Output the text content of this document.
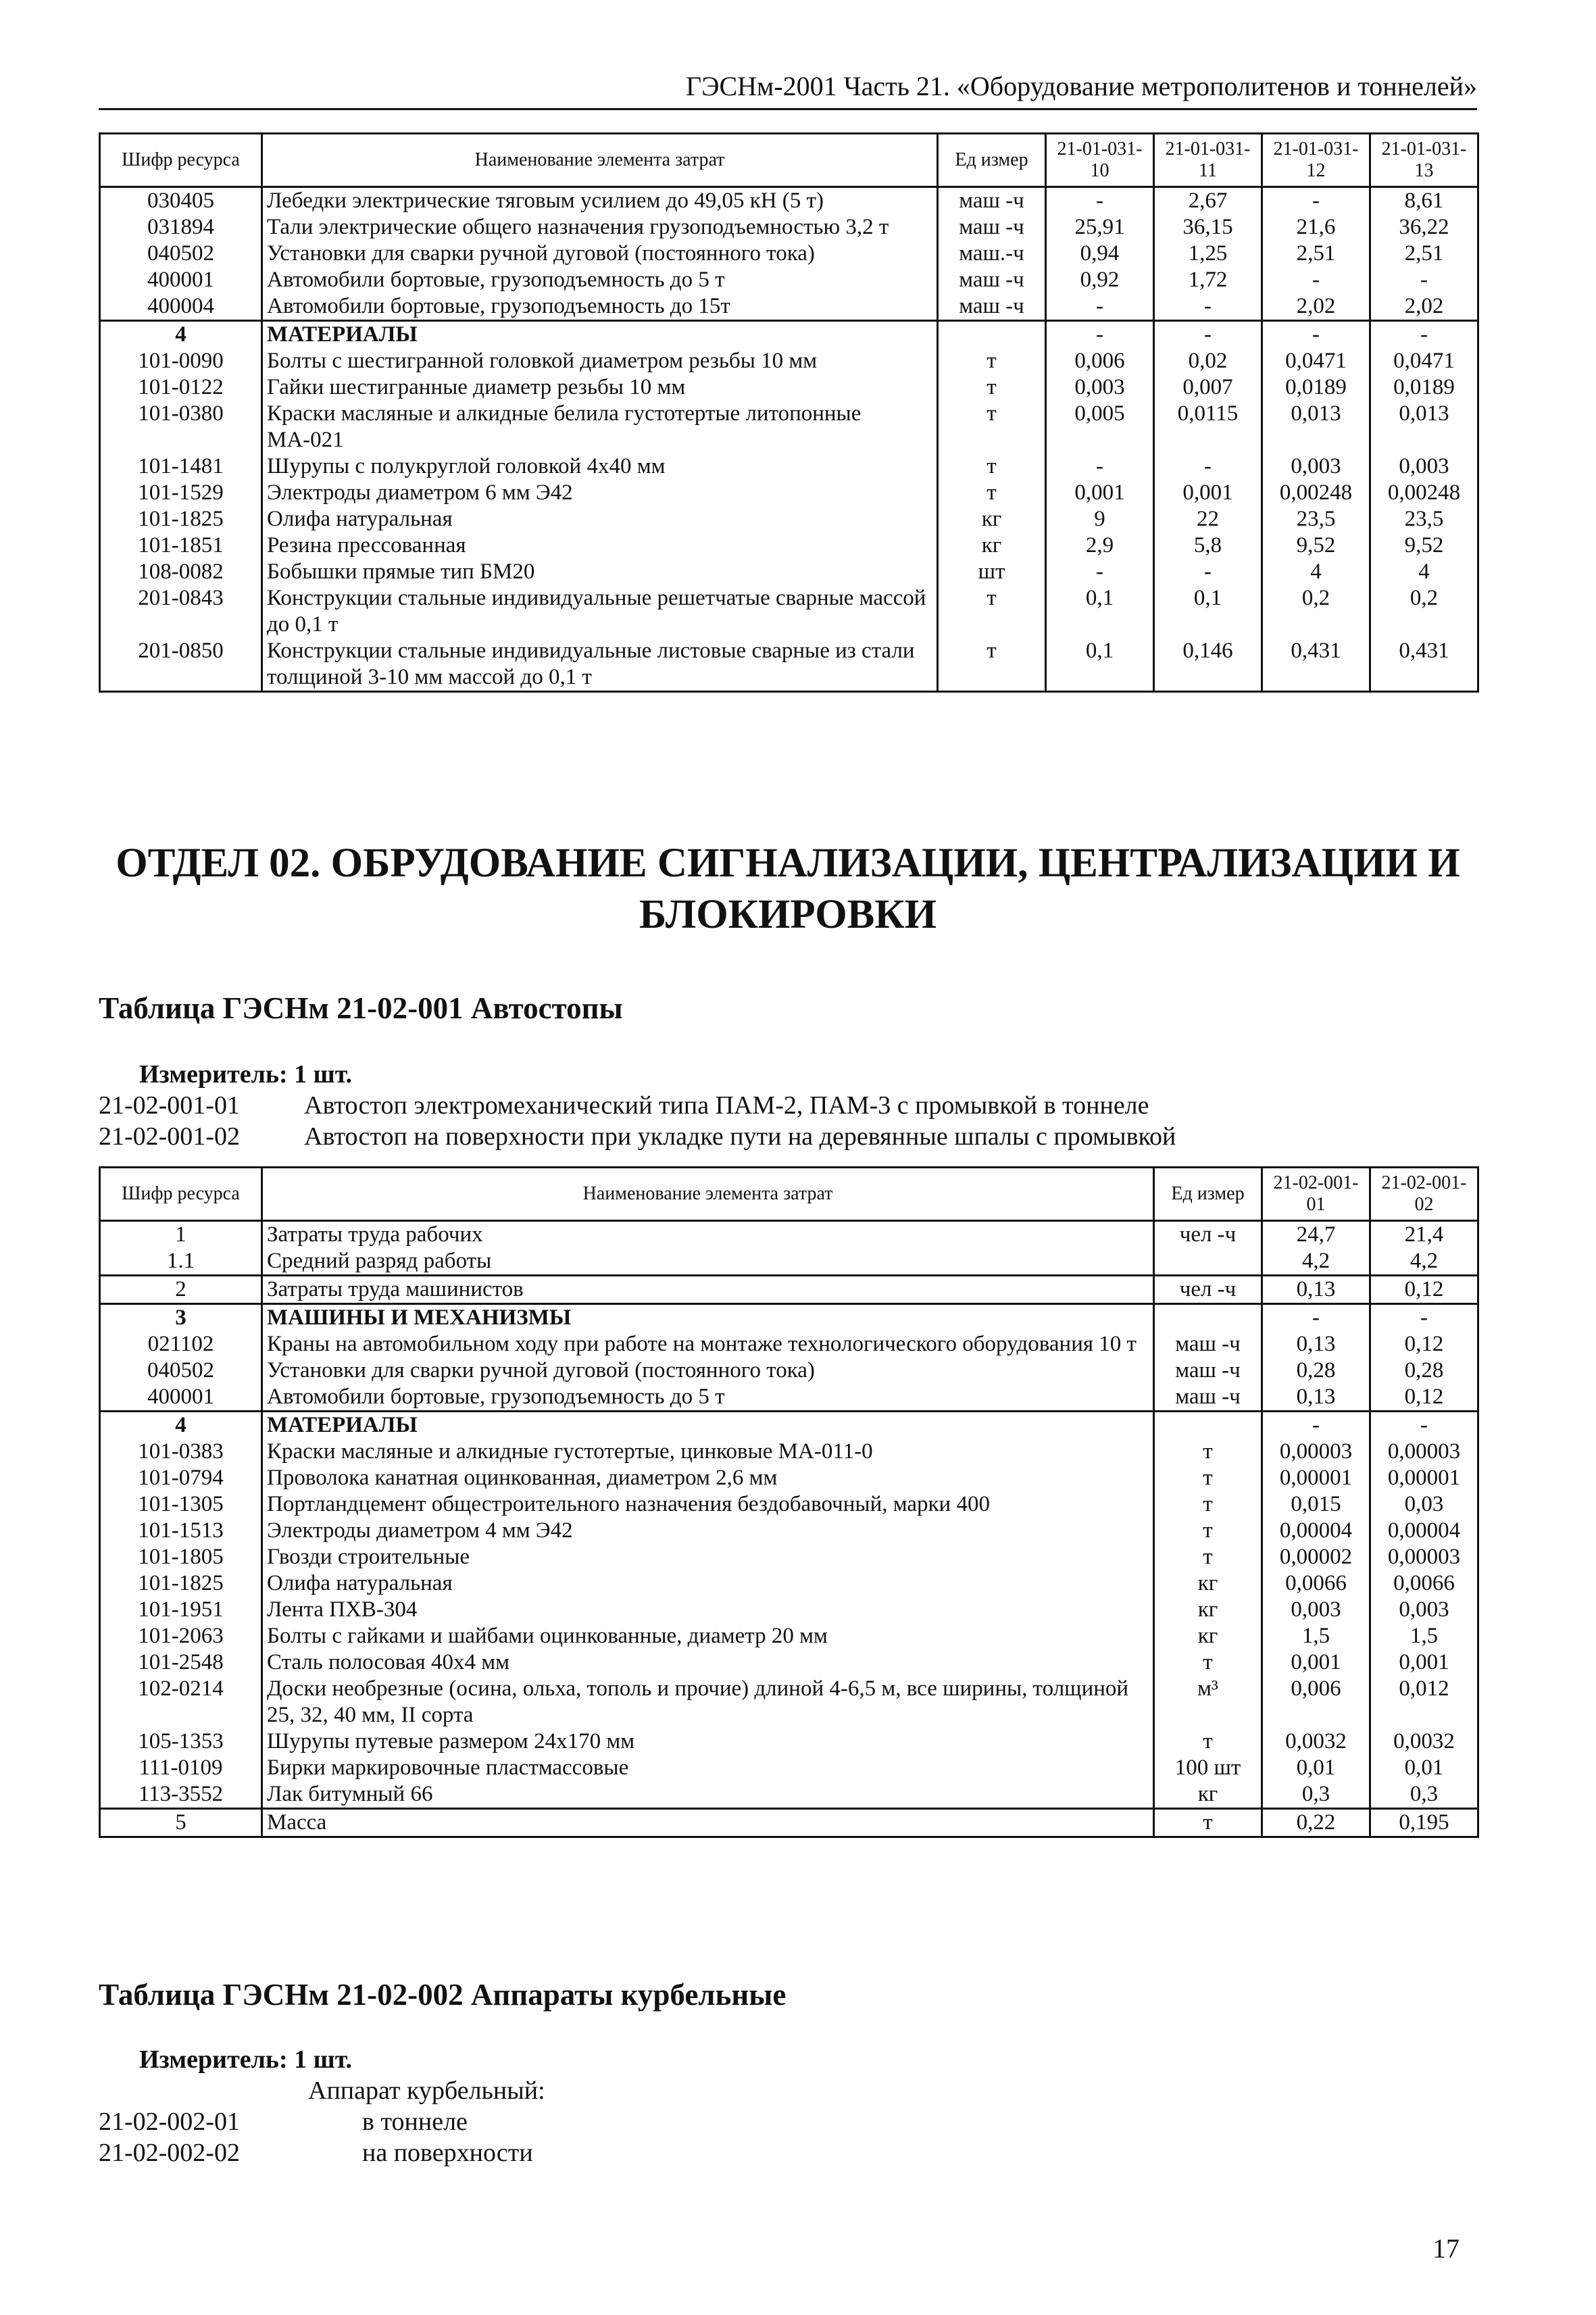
ГЭСНм-2001 Часть 21. «Оборудование метрополитенов и тоннелей»
Шифр ресурса	Наименование элемента затрат	Ед измер	21-01-031-10	21-01-031-11	21-01-031-12	21-01-031-13
030405	Лебедки электрические тяговым усилием до 49,05 кН (5 т)	маш -ч	-	2,67	-	8,61
031894	Тали электрические общего назначения грузоподъемностью 3,2 т	маш -ч	25,91	36,15	21,6	36,22
040502	Установки для сварки ручной дуговой (постоянного тока)	маш.-ч	0,94	1,25	2,51	2,51
400001	Автомобили бортовые, грузоподъемность до 5 т	маш -ч	0,92	1,72	-	-
400004	Автомобили бортовые, грузоподъемность до 15т	маш -ч	-	-	2,02	2,02
4	МАТЕРИАЛЫ		-	-	-	-
101-0090	Болты с шестигранной головкой диаметром резьбы 10 мм	т	0,006	0,02	0,0471	0,0471
101-0122	Гайки шестигранные диаметр резьбы 10 мм	т	0,003	0,007	0,0189	0,0189
101-0380	Краски масляные и алкидные белила густотертые литопонные МА-021	т	0,005	0,0115	0,013	0,013
101-1481	Шурупы с полукруглой головкой 4x40 мм	т	-	-	0,003	0,003
101-1529	Электроды диаметром 6 мм Э42	т	0,001	0,001	0,00248	0,00248
101-1825	Олифа натуральная	кг	9	22	23,5	23,5
101-1851	Резина прессованная	кг	2,9	5,8	9,52	9,52
108-0082	Бобышки прямые тип БМ20	шт	-	-	4	4
201-0843	Конструкции стальные индивидуальные решетчатые сварные массой до 0,1 т	т	0,1	0,1	0,2	0,2
201-0850	Конструкции стальные индивидуальные листовые сварные из стали толщиной 3-10 мм массой до 0,1 т	т	0,1	0,146	0,431	0,431
ОТДЕЛ 02. ОБРУДОВАНИЕ СИГНАЛИЗАЦИИ, ЦЕНТРАЛИЗАЦИИ И БЛОКИРОВКИ
Таблица ГЭСНм 21-02-001 Автостопы
Измеритель: 1 шт.
21-02-001-01	Автостоп электромеханический типа ПАМ-2, ПАМ-3 с промывкой в тоннеле
21-02-001-02	Автостоп на поверхности при укладке пути на деревянные шпалы с промывкой
Шифр ресурса	Наименование элемента затрат	Ед измер	21-02-001-01	21-02-001-02
1	Затраты труда рабочих	чел -ч	24,7	21,4
1.1	Средний разряд работы		4,2	4,2
2	Затраты труда машинистов	чел -ч	0,13	0,12
3	МАШИНЫ И МЕХАНИЗМЫ		-	-
021102	Краны на автомобильном ходу при работе на монтаже технологического оборудования 10 т	маш -ч	0,13	0,12
040502	Установки для сварки ручной дуговой (постоянного тока)	маш -ч	0,28	0,28
400001	Автомобили бортовые, грузоподъемность до 5 т	маш -ч	0,13	0,12
4	МАТЕРИАЛЫ		-	-
101-0383	Краски масляные и алкидные густотертые, цинковые МА-011-0	т	0,00003	0,00003
101-0794	Проволока канатная оцинкованная, диаметром 2,6 мм	т	0,00001	0,00001
101-1305	Портландцемент общестроительного назначения бездобавочный, марки 400	т	0,015	0,03
101-1513	Электроды диаметром 4 мм Э42	т	0,00004	0,00004
101-1805	Гвозди строительные	т	0,00002	0,00003
101-1825	Олифа натуральная	кг	0,0066	0,0066
101-1951	Лента ПХВ-304	кг	0,003	0,003
101-2063	Болты с гайками и шайбами оцинкованные, диаметр 20 мм	кг	1,5	1,5
101-2548	Сталь полосовая 40x4 мм	т	0,001	0,001
102-0214	Доски необрезные (осина, ольха, тополь и прочие) длиной 4-6,5 м, все ширины, толщиной 25, 32, 40 мм, II сорта	м³	0,006	0,012
105-1353	Шурупы путевые размером 24x170 мм	т	0,0032	0,0032
111-0109	Бирки маркировочные пластмассовые	100 шт	0,01	0,01
113-3552	Лак битумный 66	кг	0,3	0,3
5	Масса	т	0,22	0,195
Таблица ГЭСНм 21-02-002 Аппараты курбельные
Измеритель: 1 шт.
Аппарат курбельный:
21-02-002-01	в тоннеле
21-02-002-02	на поверхности
17
